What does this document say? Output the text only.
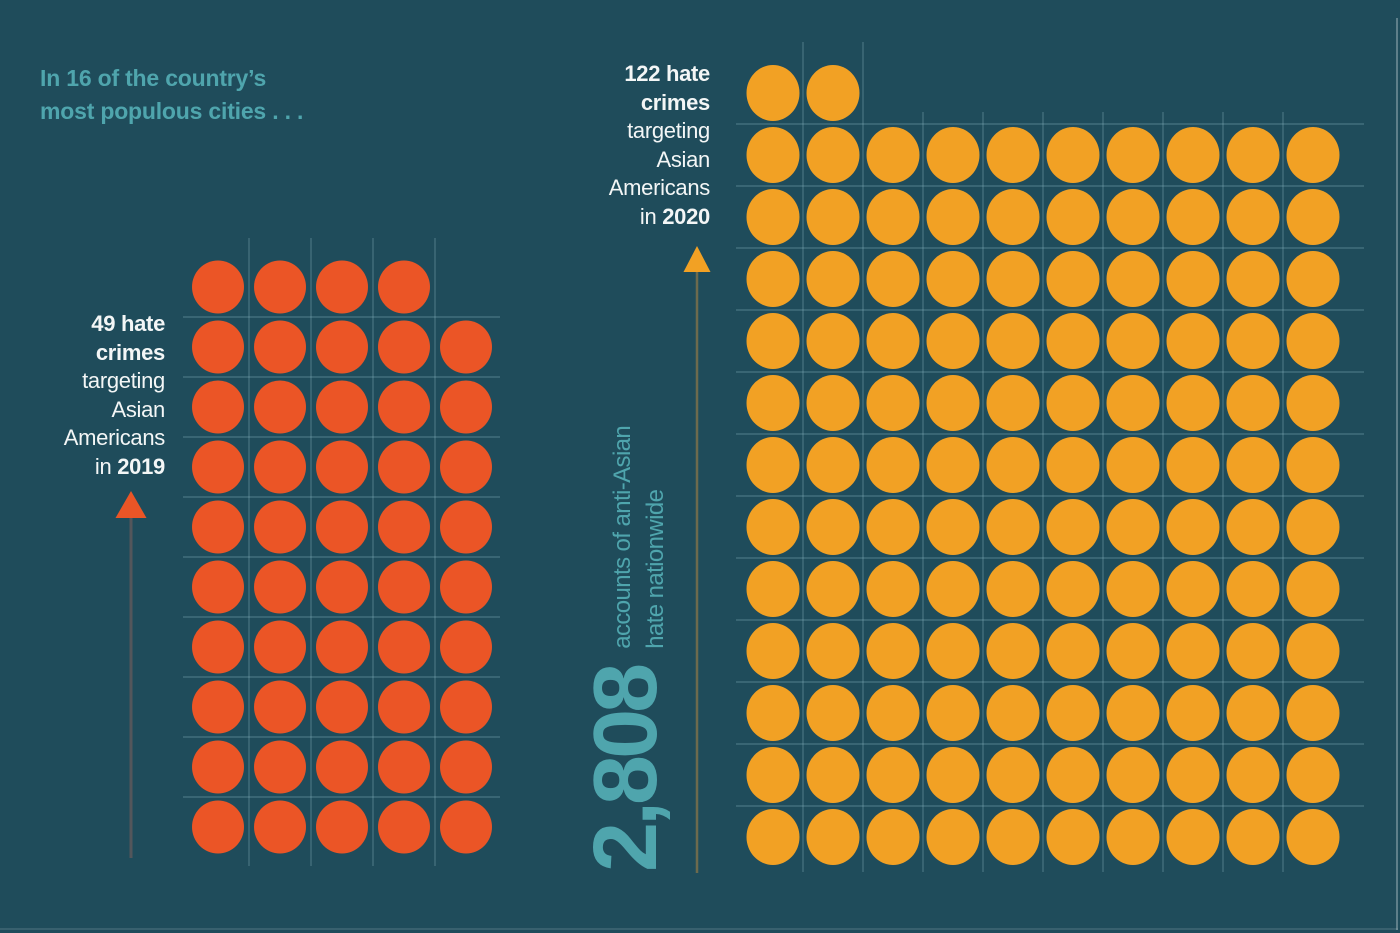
In 16 of the country’s
most populous cities . . .
2,808
accounts of anti-Asian hate nationwide
49 hate
crimes
targeting
Asian
Americans
in 2019
122 hate
crimes
targeting
Asian
Americans
in 2020
